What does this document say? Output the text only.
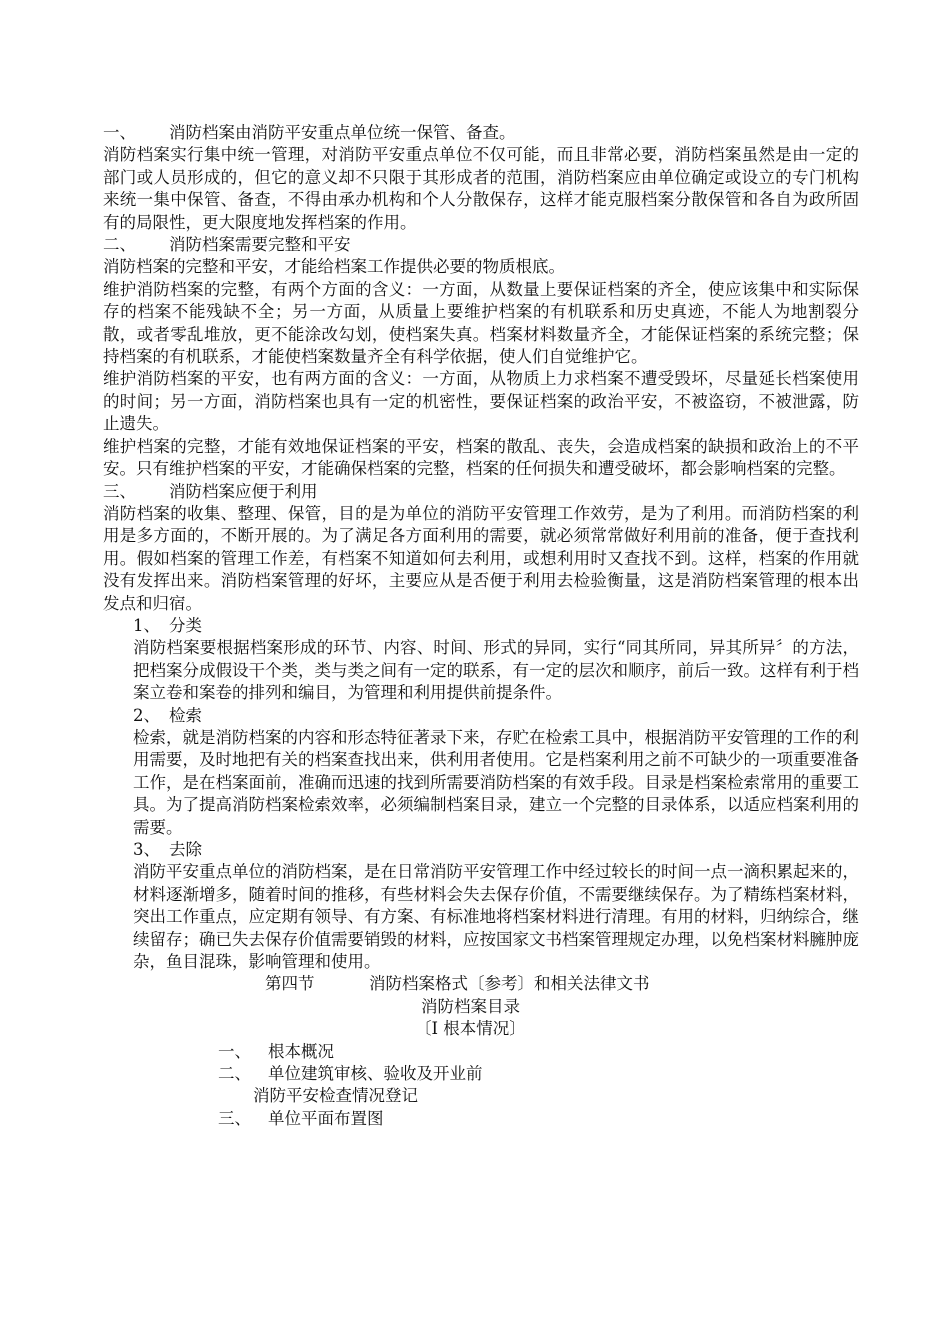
一、 消防档案由消防平安重点单位统一保管、备查。

消防档案实行集中统一管理，对消防平安重点单位不仅可能，而且非常必要，消防档案虽然是由一定的部门或人员形成的，但它的意义却不只限于其形成者的范围，消防档案应由单位确定或设立的专门机构来统一集中保管、备查，不得由承办机构和个人分散保存，这样才能克服档案分散保管和各自为政所固有的局限性，更大限度地发挥档案的作用。

二、 消防档案需要完整和平安

消防档案的完整和平安，才能给档案工作提供必要的物质根底。

维护消防档案的完整，有两个方面的含义：一方面，从数量上要保证档案的齐全，使应该集中和实际保存的档案不能残缺不全；另一方面，从质量上要维护档案的有机联系和历史真迹，不能人为地割裂分散，或者零乱堆放，更不能涂改勾划，使档案失真。档案材料数量齐全，才能保证档案的系统完整；保持档案的有机联系，才能使档案数量齐全有科学依据，使人们自觉维护它。

维护消防档案的平安，也有两方面的含义：一方面，从物质上力求档案不遭受毁坏，尽量延长档案使用的时间；另一方面，消防档案也具有一定的机密性，要保证档案的政治平安，不被盗窃，不被泄露，防止遗失。

维护档案的完整，才能有效地保证档案的平安，档案的散乱、丧失，会造成档案的缺损和政治上的不平安。只有维护档案的平安，才能确保档案的完整，档案的任何损失和遭受破坏，都会影响档案的完整。

三、 消防档案应便于利用

消防档案的收集、整理、保管，目的是为单位的消防平安管理工作效劳，是为了利用。而消防档案的利用是多方面的，不断开展的。为了满足各方面利用的需要，就必须常常做好利用前的准备，便于查找利用。假如档案的管理工作差，有档案不知道如何去利用，或想利用时又查找不到。这样，档案的作用就没有发挥出来。消防档案管理的好坏，主要应从是否便于利用去检验衡量，这是消防档案管理的根本出发点和归宿。

1、 分类

消防档案要根据档案形成的环节、内容、时间、形式的异同，实行“同其所同，异其所异〞的方法，把档案分成假设干个类，类与类之间有一定的联系，有一定的层次和顺序，前后一致。这样有利于档案立卷和案卷的排列和编目，为管理和利用提供前提条件。

2、 检索

检索，就是消防档案的内容和形态特征著录下来，存贮在检索工具中，根据消防平安管理的工作的利用需要，及时地把有关的档案查找出来，供利用者使用。它是档案利用之前不可缺少的一项重要准备工作，是在档案面前，准确而迅速的找到所需要消防档案的有效手段。目录是档案检索常用的重要工具。为了提高消防档案检索效率，必须编制档案目录，建立一个完整的目录体系，以适应档案利用的需要。

3、 去除

消防平安重点单位的消防档案，是在日常消防平安管理工作中经过较长的时间一点一滴积累起来的，材料逐渐增多，随着时间的推移，有些材料会失去保存价值，不需要继续保存。为了精练档案材料，突出工作重点，应定期有领导、有方案、有标准地将档案材料进行清理。有用的材料，归纳综合，继续留存；确已失去保存价值需要销毁的材料，应按国家文书档案管理规定办理，以免档案材料臃肿庞杂，鱼目混珠，影响管理和使用。

第四节	消防档案格式〔参考〕和相关法律文书
消防档案目录
〔I 根本情况〕
一、 根本概况
二、 单位建筑审核、验收及开业前
消防平安检查情况登记
三、 单位平面布置图
